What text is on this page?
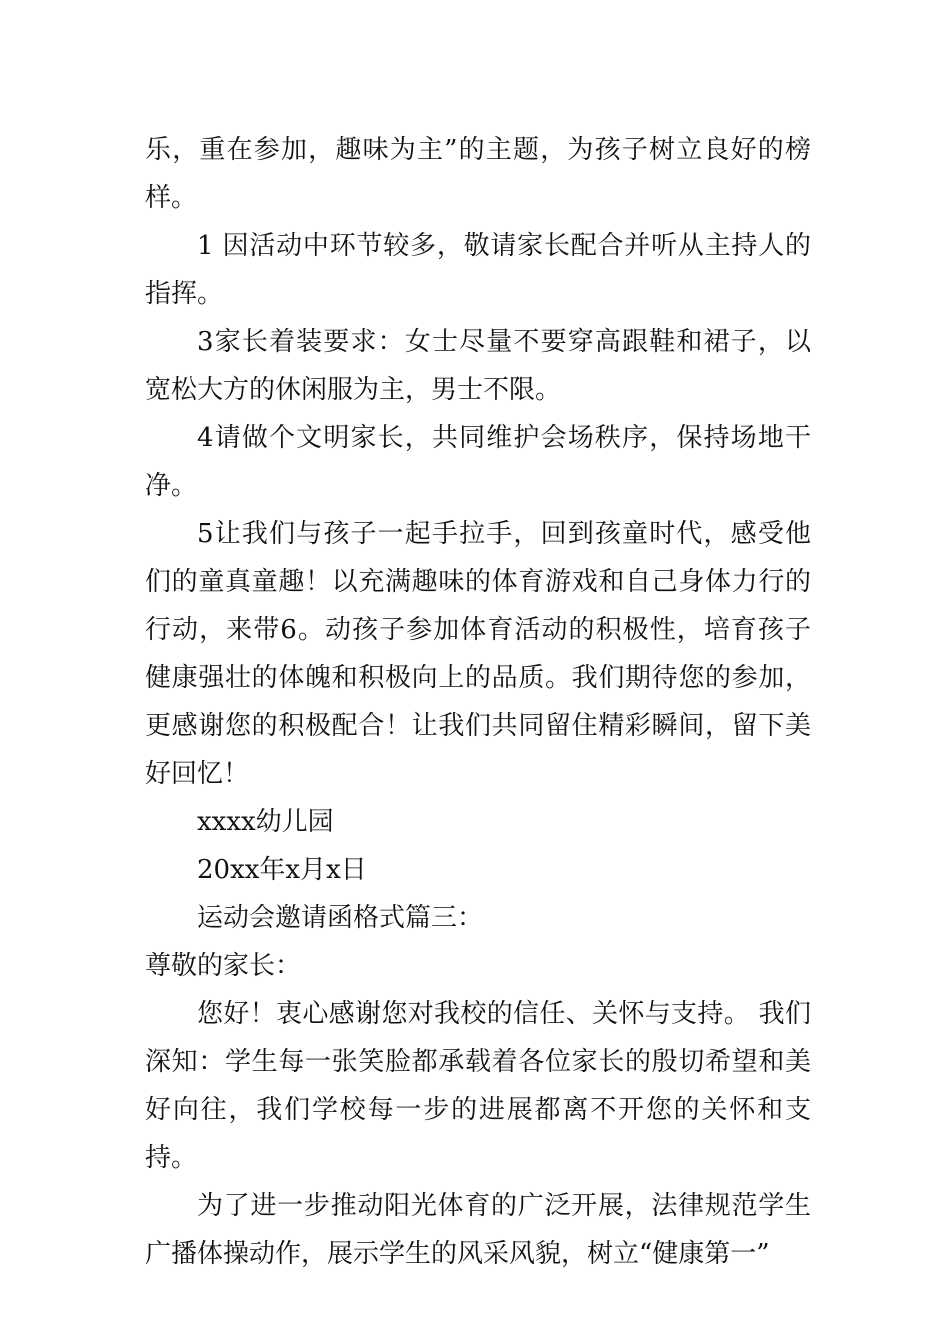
乐，重在参加，趣味为主”的主题，为孩子树立良好的榜样。

1 因活动中环节较多，敬请家长配合并听从主持人的指挥。

3家长着装要求：女士尽量不要穿高跟鞋和裙子，以宽松大方的休闲服为主，男士不限。

4请做个文明家长，共同维护会场秩序，保持场地干净。

5让我们与孩子一起手拉手，回到孩童时代，感受他们的童真童趣！以充满趣味的体育游戏和自己身体力行的行动，来带6。动孩子参加体育活动的积极性，培育孩子健康强壮的体魄和积极向上的品质。我们期待您的参加，更感谢您的积极配合！让我们共同留住精彩瞬间，留下美好回忆！

xxxx幼儿园

20xx年x月x日

运动会邀请函格式篇三：

尊敬的家长：

您好！衷心感谢您对我校的信任、关怀与支持。 我们深知：学生每一张笑脸都承载着各位家长的殷切希望和美好向往，我们学校每一步的进展都离不开您的关怀和支持。

为了进一步推动阳光体育的广泛开展，法律规范学生广播体操动作，展示学生的风采风貌，树立“健康第一”
